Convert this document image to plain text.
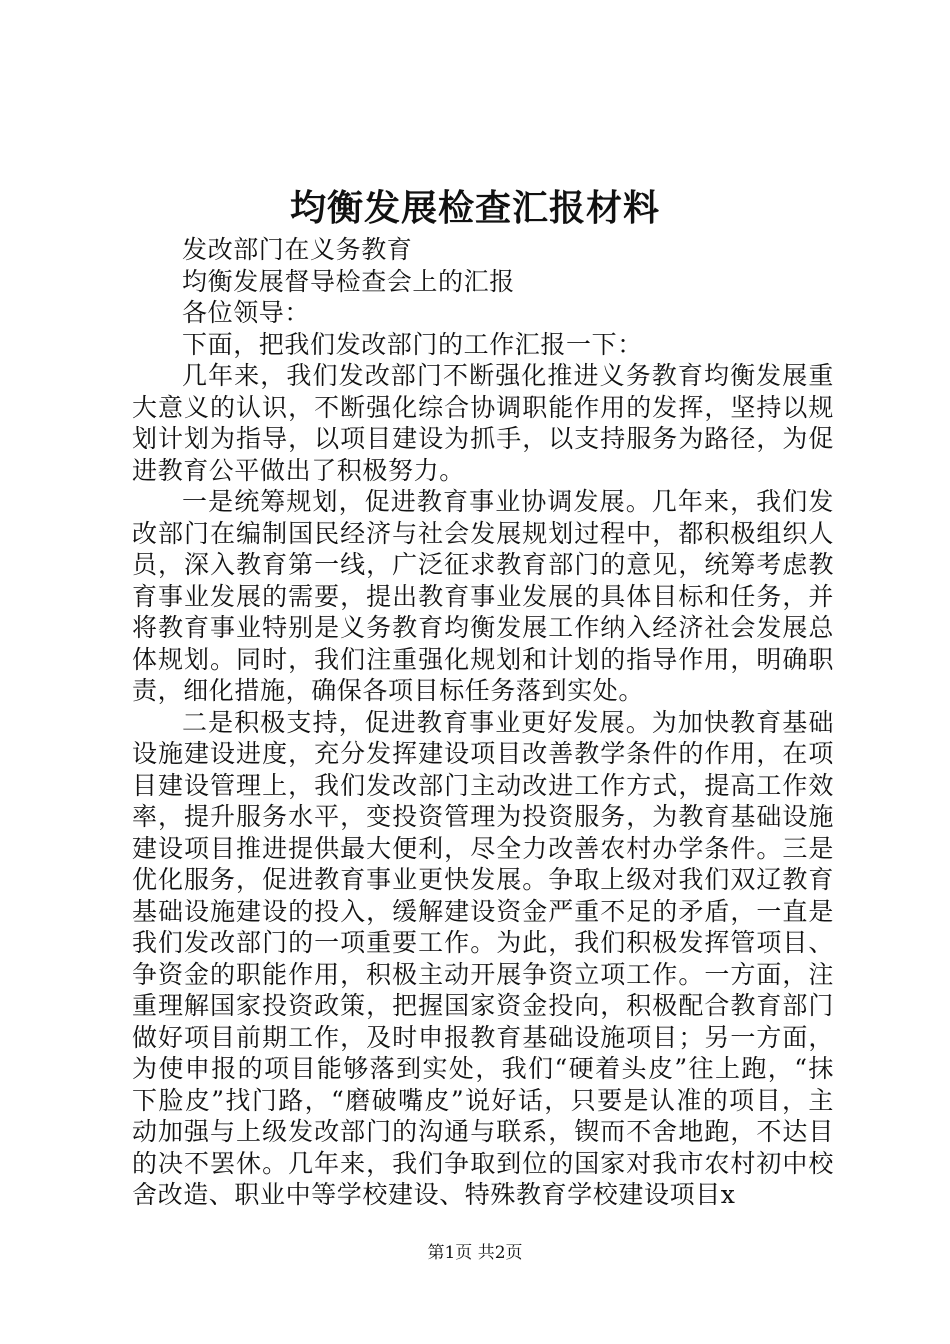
均衡发展检查汇报材料

发改部门在义务教育

均衡发展督导检查会上的汇报

各位领导：

下面，把我们发改部门的工作汇报一下：

几年来，我们发改部门不断强化推进义务教育均衡发展重大意义的认识，不断强化综合协调职能作用的发挥，坚持以规划计划为指导，以项目建设为抓手，以支持服务为路径，为促进教育公平做出了积极努力。

一是统筹规划，促进教育事业协调发展。几年来，我们发改部门在编制国民经济与社会发展规划过程中，都积极组织人员，深入教育第一线，广泛征求教育部门的意见，统筹考虑教育事业发展的需要，提出教育事业发展的具体目标和任务，并将教育事业特别是义务教育均衡发展工作纳入经济社会发展总体规划。同时，我们注重强化规划和计划的指导作用，明确职责，细化措施，确保各项目标任务落到实处。

二是积极支持，促进教育事业更好发展。为加快教育基础设施建设进度，充分发挥建设项目改善教学条件的作用，在项目建设管理上，我们发改部门主动改进工作方式，提高工作效率，提升服务水平，变投资管理为投资服务，为教育基础设施建设项目推进提供最大便利，尽全力改善农村办学条件。三是优化服务，促进教育事业更快发展。争取上级对我们双辽教育基础设施建设的投入，缓解建设资金严重不足的矛盾，一直是我们发改部门的一项重要工作。为此，我们积极发挥管项目、争资金的职能作用，积极主动开展争资立项工作。一方面，注重理解国家投资政策，把握国家资金投向，积极配合教育部门做好项目前期工作，及时申报教育基础设施项目；另一方面，为使申报的项目能够落到实处，我们“硬着头皮”往上跑，“抹下脸皮”找门路，“磨破嘴皮”说好话，只要是认准的项目，主动加强与上级发改部门的沟通与联系，锲而不舍地跑，不达目的决不罢休。几年来，我们争取到位的国家对我市农村初中校舍改造、职业中等学校建设、特殊教育学校建设项目x

第1页 共2页
